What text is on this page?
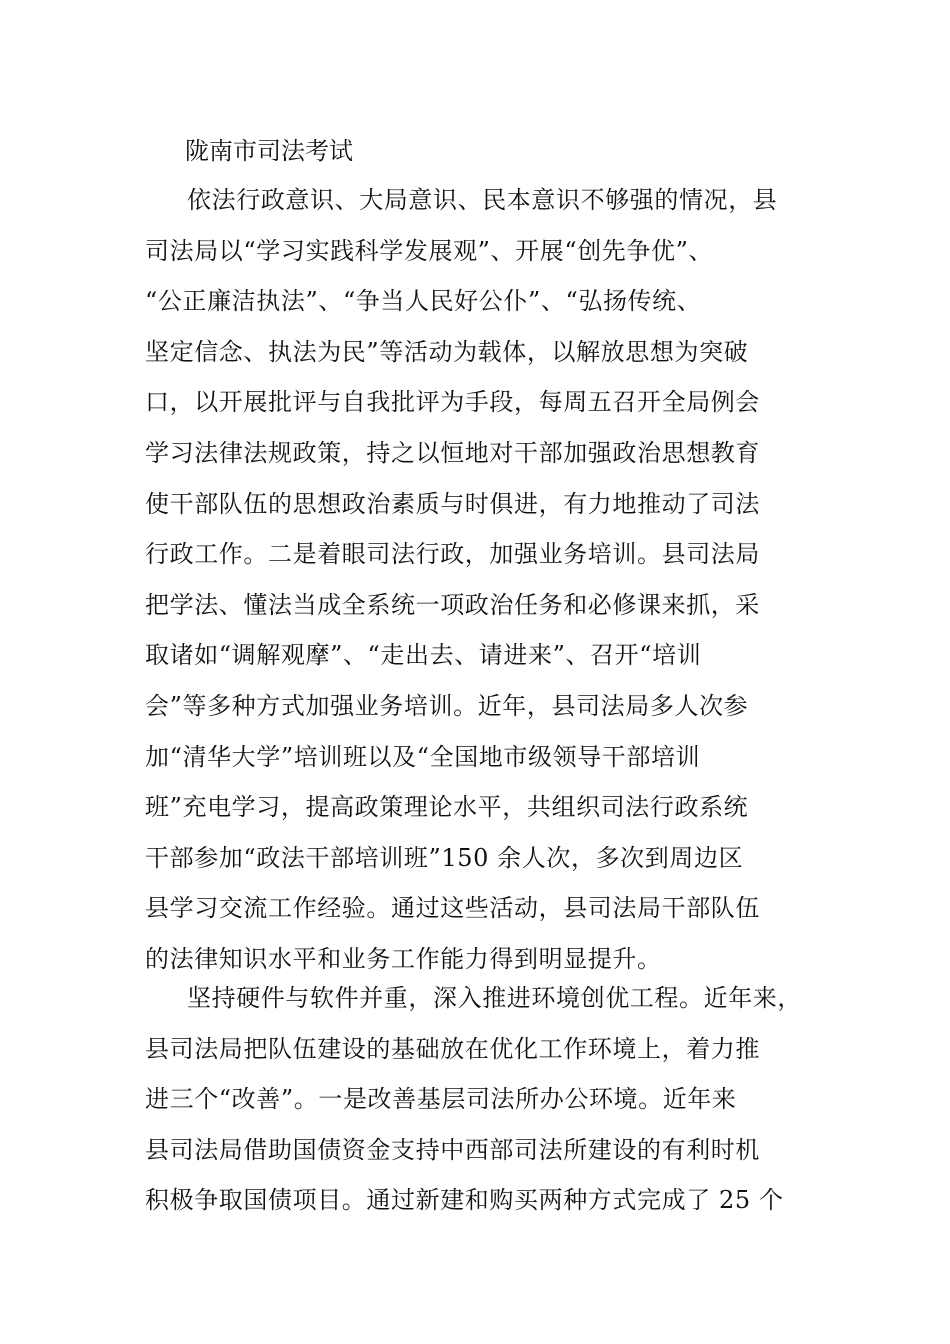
陇南市司法考试
依法行政意识、大局意识、民本意识不够强的情况，县
司法局以“学习实践科学发展观”、开展“创先争优”、
“公正廉洁执法”、“争当人民好公仆”、“弘扬传统、
坚定信念、执法为民”等活动为载体，以解放思想为突破
口，以开展批评与自我批评为手段，每周五召开全局例会
学习法律法规政策，持之以恒地对干部加强政治思想教育
使干部队伍的思想政治素质与时俱进，有力地推动了司法
行政工作。二是着眼司法行政，加强业务培训。县司法局
把学法、懂法当成全系统一项政治任务和必修课来抓，采
取诸如“调解观摩”、“走出去、请进来”、召开“培训
会”等多种方式加强业务培训。近年，县司法局多人次参
加“清华大学”培训班以及“全国地市级领导干部培训
班”充电学习，提高政策理论水平，共组织司法行政系统
干部参加“政法干部培训班”150 余人次，多次到周边区
县学习交流工作经验。通过这些活动，县司法局干部队伍
的法律知识水平和业务工作能力得到明显提升。
坚持硬件与软件并重，深入推进环境创优工程。近年来，
县司法局把队伍建设的基础放在优化工作环境上，着力推
进三个“改善”。一是改善基层司法所办公环境。近年来
县司法局借助国债资金支持中西部司法所建设的有利时机
积极争取国债项目。通过新建和购买两种方式完成了 25 个
